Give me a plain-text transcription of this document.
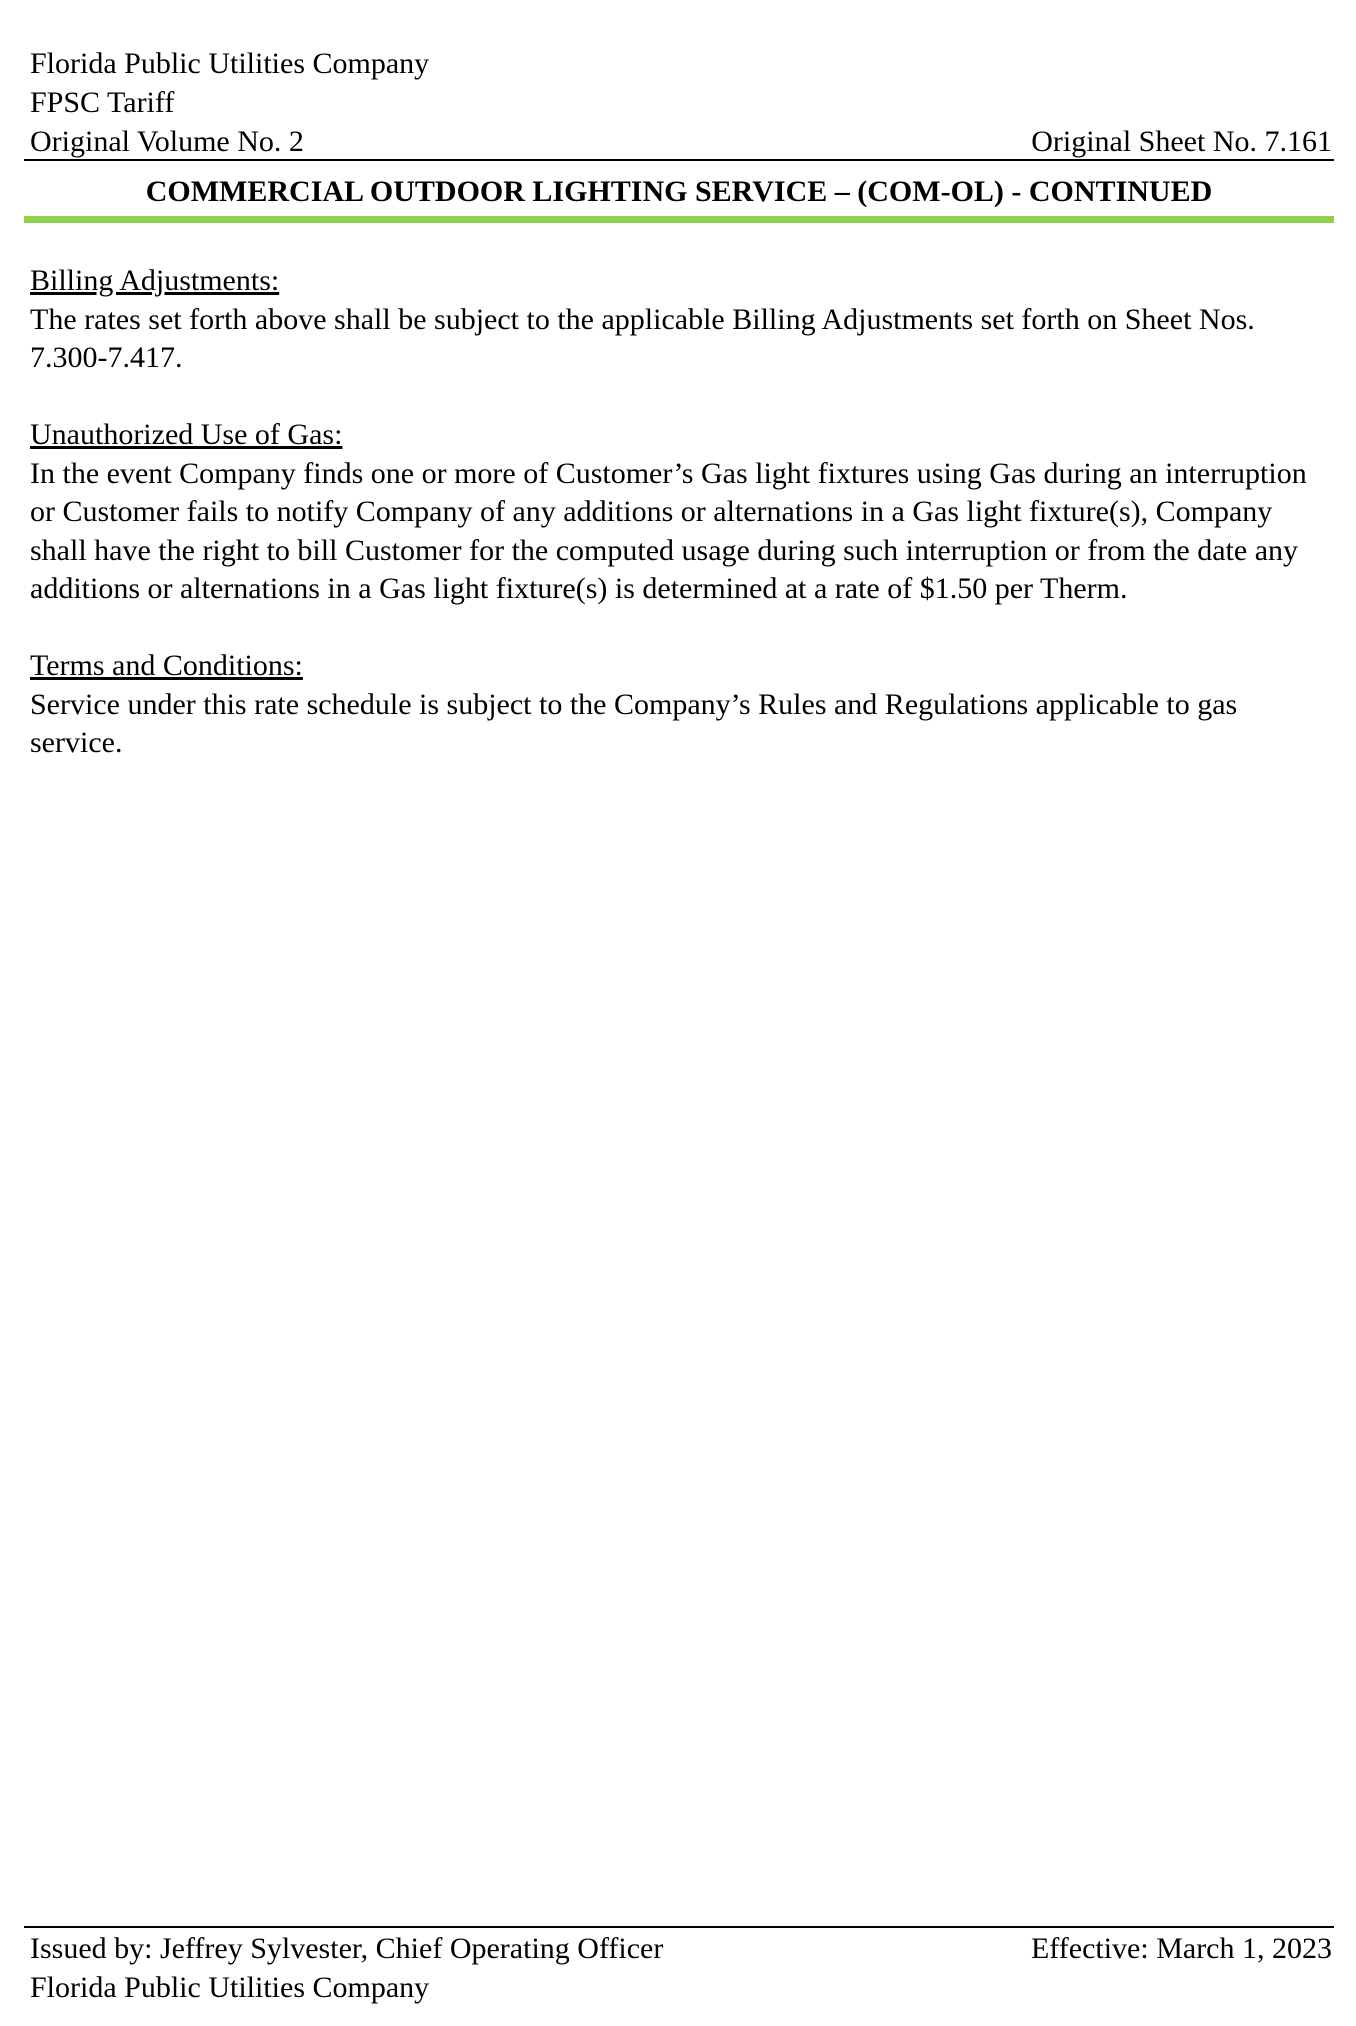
Florida Public Utilities Company
FPSC Tariff
Original Volume No. 2	Original Sheet No. 7.161
COMMERCIAL OUTDOOR LIGHTING SERVICE – (COM-OL) - CONTINUED
Billing Adjustments:
The rates set forth above shall be subject to the applicable Billing Adjustments set forth on Sheet Nos. 7.300-7.417.
Unauthorized Use of Gas:
In the event Company finds one or more of Customer’s Gas light fixtures using Gas during an interruption or Customer fails to notify Company of any additions or alternations in a Gas light fixture(s), Company shall have the right to bill Customer for the computed usage during such interruption or from the date any additions or alternations in a Gas light fixture(s) is determined at a rate of $1.50 per Therm.
Terms and Conditions:
Service under this rate schedule is subject to the Company’s Rules and Regulations applicable to gas service.
Issued by: Jeffrey Sylvester, Chief Operating Officer	Effective: March 1, 2023
Florida Public Utilities Company
